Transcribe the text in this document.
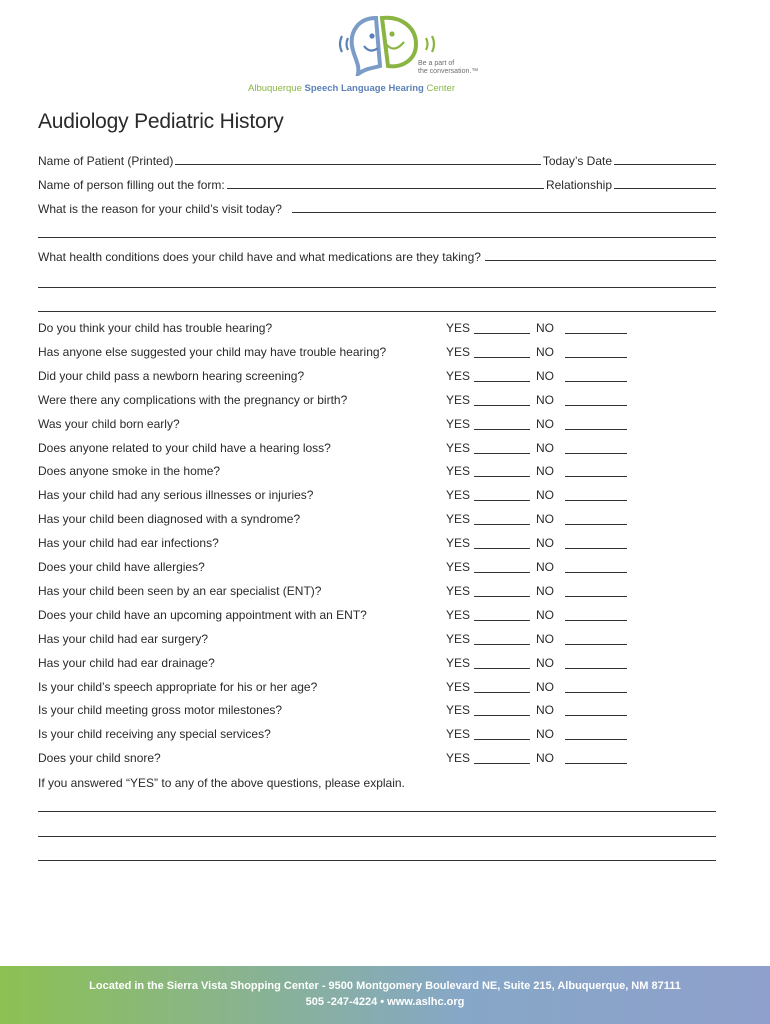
Be a part of
the conversation.™
Albuquerque Speech Language Hearing Center
Audiology Pediatric History
Name of Patient (Printed)	Today’s Date
Name of person filling out the form:	Relationship
What is the reason for your child’s visit today?
What health conditions does your child have and what medications are they taking?
Do you think your child has trouble hearing?	YES	NO
Has anyone else suggested your child may have trouble hearing?	YES	NO
Did your child pass a newborn hearing screening?	YES	NO
Were there any complications with the pregnancy or birth?	YES	NO
Was your child born early?	YES	NO
Does anyone related to your child have a hearing loss?	YES	NO
Does anyone smoke in the home?	YES	NO
Has your child had any serious illnesses or injuries?	YES	NO
Has your child been diagnosed with a syndrome?	YES	NO
Has your child had ear infections?	YES	NO
Does your child have allergies?	YES	NO
Has your child been seen by an ear specialist (ENT)?	YES	NO
Does your child have an upcoming appointment with an ENT?	YES	NO
Has your child had ear surgery?	YES	NO
Has your child had ear drainage?	YES	NO
Is your child’s speech appropriate for his or her age?	YES	NO
Is your child meeting gross motor milestones?	YES	NO
Is your child receiving any special services?	YES	NO
Does your child snore?	YES	NO
If you answered “YES” to any of the above questions, please explain.
Located in the Sierra Vista Shopping Center - 9500 Montgomery Boulevard NE, Suite 215, Albuquerque, NM 87111
505 -247-4224 • www.aslhc.org
